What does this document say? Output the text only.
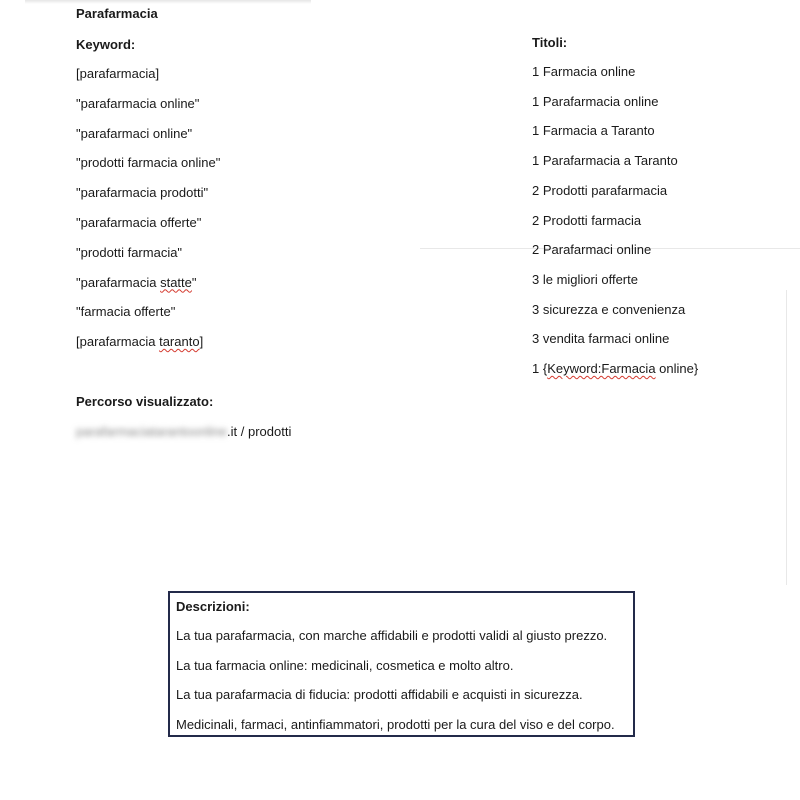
Parafarmacia
Keyword:
[parafarmacia]
"parafarmacia online"
"parafarmaci online"
"prodotti farmacia online"
"parafarmacia prodotti"
"parafarmacia offerte"
"prodotti farmacia"
"parafarmacia statte"
"farmacia offerte"
[parafarmacia taranto]
Percorso visualizzato:
parafarmaciatarantoonline.it / prodotti
Titoli:
1 Farmacia online
1 Parafarmacia online
1 Farmacia a Taranto
1 Parafarmacia a Taranto
2 Prodotti parafarmacia
2 Prodotti farmacia
2 Parafarmaci online
3 le migliori offerte
3 sicurezza e convenienza
3 vendita farmaci online
1 {Keyword:Farmacia online}
Descrizioni:
La tua parafarmacia, con marche affidabili e prodotti validi al giusto prezzo.
La tua farmacia online: medicinali, cosmetica e molto altro.
La tua parafarmacia di fiducia: prodotti affidabili e acquisti in sicurezza.
Medicinali, farmaci, antinfiammatori, prodotti per la cura del viso e del corpo.
